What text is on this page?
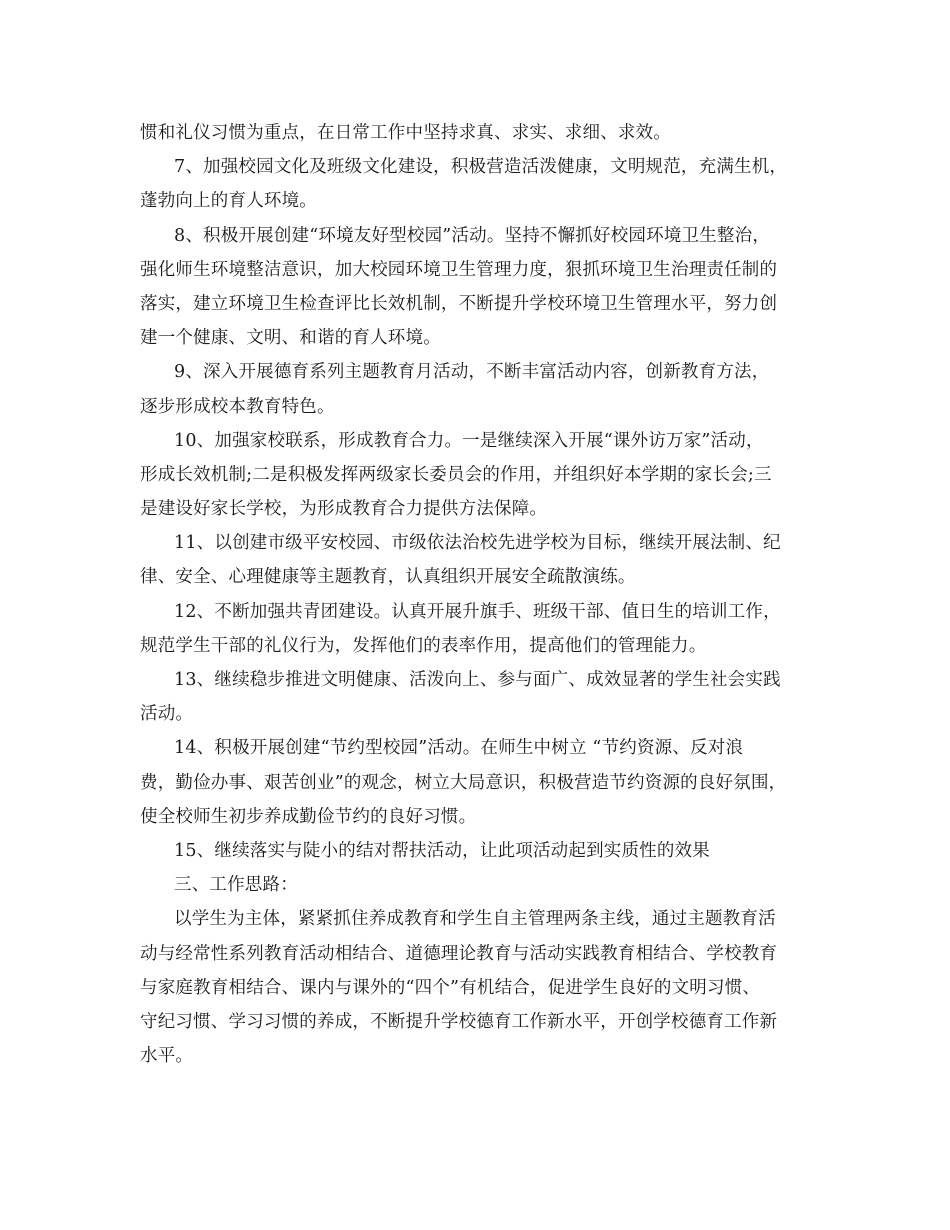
惯和礼仪习惯为重点，在日常工作中坚持求真、求实、求细、求效。
7、加强校园文化及班级文化建设，积极营造活泼健康，文明规范，充满生机，
蓬勃向上的育人环境。
8、积极开展创建“环境友好型校园”活动。坚持不懈抓好校园环境卫生整治，
强化师生环境整洁意识，加大校园环境卫生管理力度，狠抓环境卫生治理责任制的
落实，建立环境卫生检查评比长效机制，不断提升学校环境卫生管理水平，努力创
建一个健康、文明、和谐的育人环境。
9、深入开展德育系列主题教育月活动，不断丰富活动内容，创新教育方法，
逐步形成校本教育特色。
10、加强家校联系，形成教育合力。一是继续深入开展“课外访万家”活动，
形成长效机制;二是积极发挥两级家长委员会的作用，并组织好本学期的家长会;三
是建设好家长学校，为形成教育合力提供方法保障。
11、以创建市级平安校园、市级依法治校先进学校为目标，继续开展法制、纪
律、安全、心理健康等主题教育，认真组织开展安全疏散演练。
12、不断加强共青团建设。认真开展升旗手、班级干部、值日生的培训工作，
规范学生干部的礼仪行为，发挥他们的表率作用，提高他们的管理能力。
13、继续稳步推进文明健康、活泼向上、参与面广、成效显著的学生社会实践
活动。
14、积极开展创建“节约型校园”活动。在师生中树立 “节约资源、反对浪
费，勤俭办事、艰苦创业”的观念，树立大局意识，积极营造节约资源的良好氛围，
使全校师生初步养成勤俭节约的良好习惯。
15、继续落实与陡小的结对帮扶活动，让此项活动起到实质性的效果
三、工作思路：
以学生为主体，紧紧抓住养成教育和学生自主管理两条主线，通过主题教育活
动与经常性系列教育活动相结合、道德理论教育与活动实践教育相结合、学校教育
与家庭教育相结合、课内与课外的“四个”有机结合，促进学生良好的文明习惯、
守纪习惯、学习习惯的养成，不断提升学校德育工作新水平，开创学校德育工作新
水平。
